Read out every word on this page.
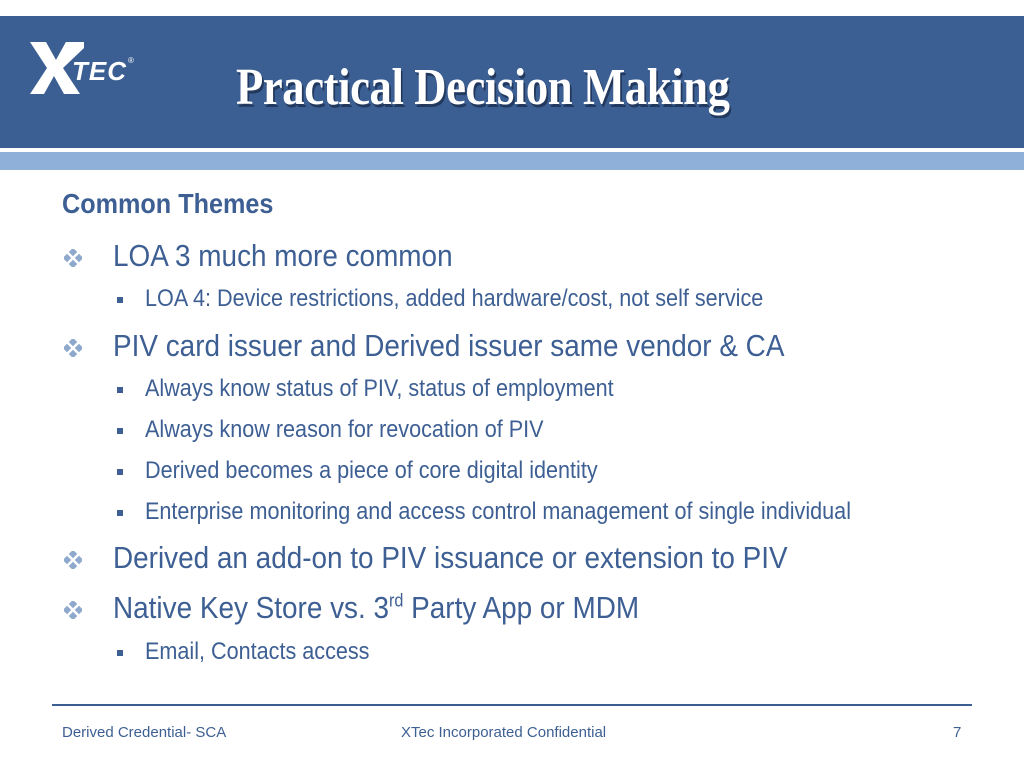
TEC ® Practical Decision Making
Common Themes
LOA 3 much more common
LOA 4: Device restrictions, added hardware/cost, not self service
PIV card issuer and Derived issuer same vendor & CA
Always know status of PIV, status of employment
Always know reason for revocation of PIV
Derived becomes a piece of core digital identity
Enterprise monitoring and access control management of single individual
Derived an add-on to PIV issuance or extension to PIV
Native Key Store vs. 3rd Party App or MDM
Email, Contacts access
Derived Credential- SCA	XTec Incorporated Confidential	7
